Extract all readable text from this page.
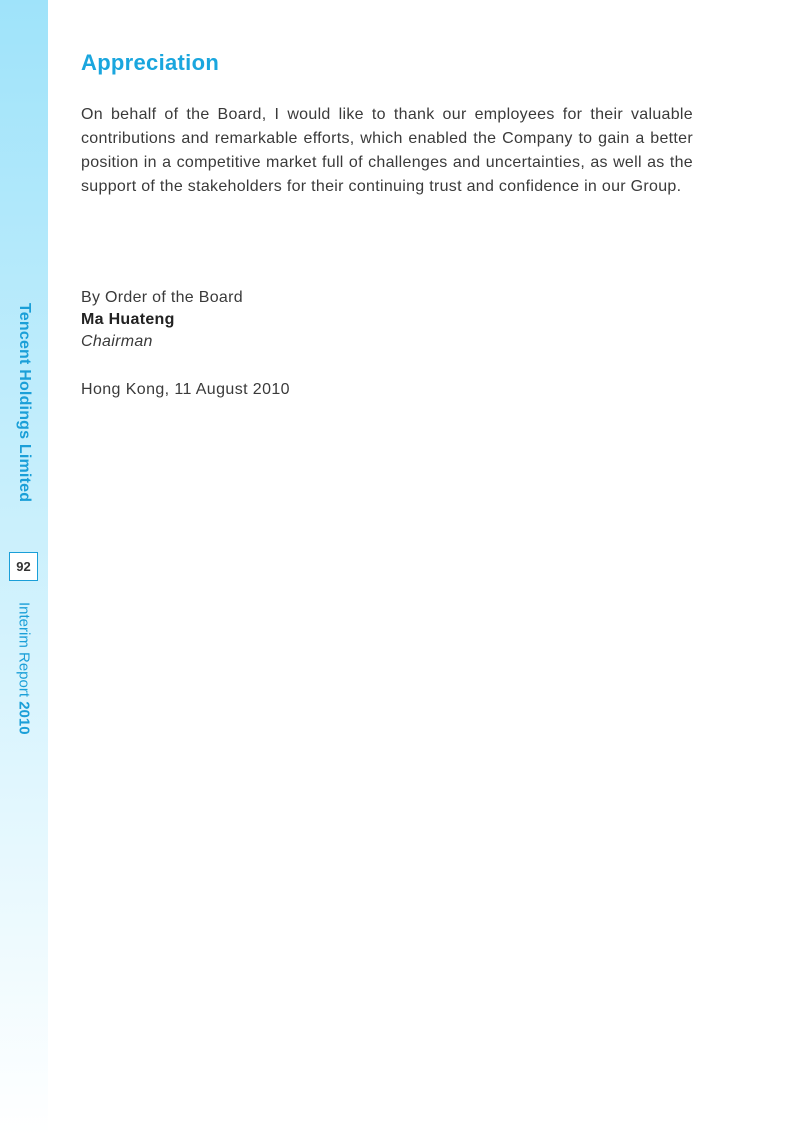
Tencent Holdings Limited
92
Interim Report 2010
Appreciation

On behalf of the Board, I would like to thank our employees for their valuable contributions and remarkable efforts, which enabled the Company to gain a better position in a competitive market full of challenges and uncertainties, as well as the support of the stakeholders for their continuing trust and confidence in our Group.

By Order of the Board
Ma Huateng
Chairman
Hong Kong, 11 August 2010
